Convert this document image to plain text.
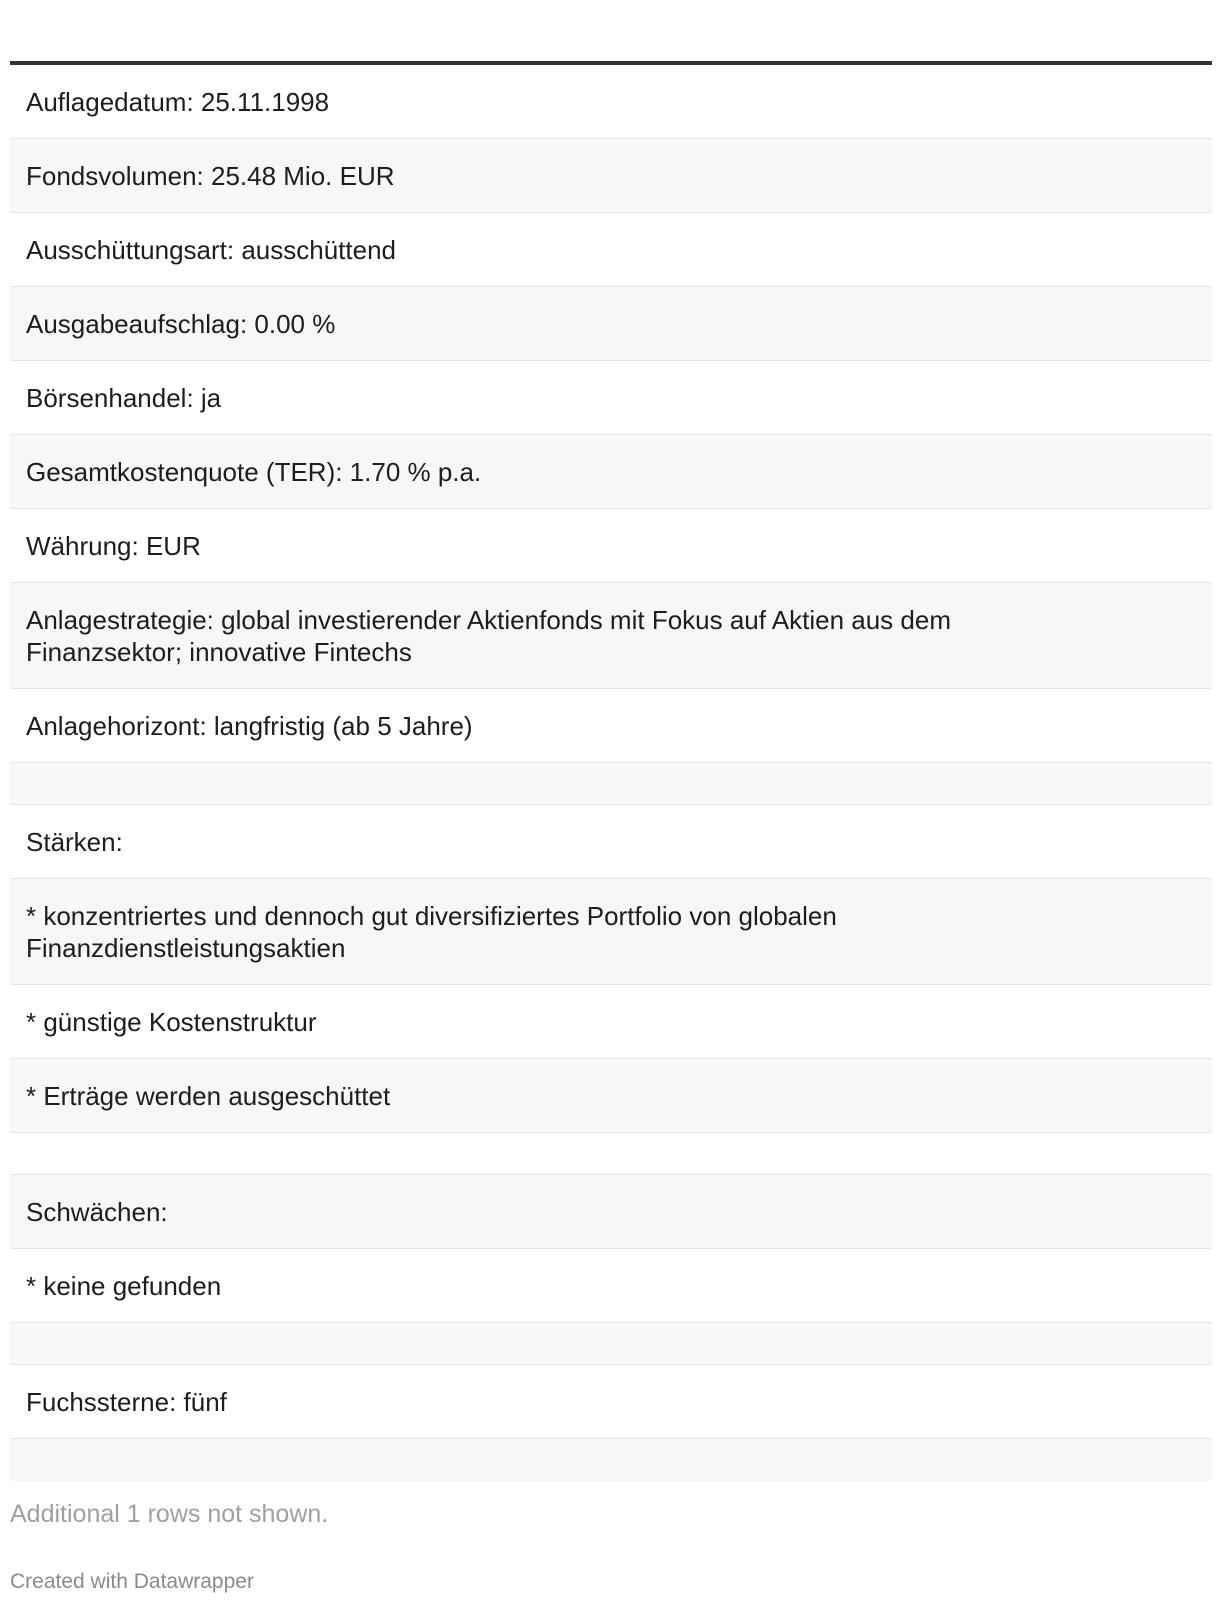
Auflagedatum: 25.11.1998
Fondsvolumen: 25.48 Mio. EUR
Ausschüttungsart: ausschüttend
Ausgabeaufschlag: 0.00 %
Börsenhandel: ja
Gesamtkostenquote (TER): 1.70 % p.a.
Währung: EUR
Anlagestrategie: global investierender Aktienfonds mit Fokus auf Aktien aus dem Finanzsektor; innovative Fintechs
Anlagehorizont: langfristig (ab 5 Jahre)
Stärken:
* konzentriertes und dennoch gut diversifiziertes Portfolio von globalen Finanzdienstleistungsaktien
* günstige Kostenstruktur
* Erträge werden ausgeschüttet
Schwächen:
* keine gefunden
Fuchssterne: fünf
Additional 1 rows not shown.
Created with Datawrapper
